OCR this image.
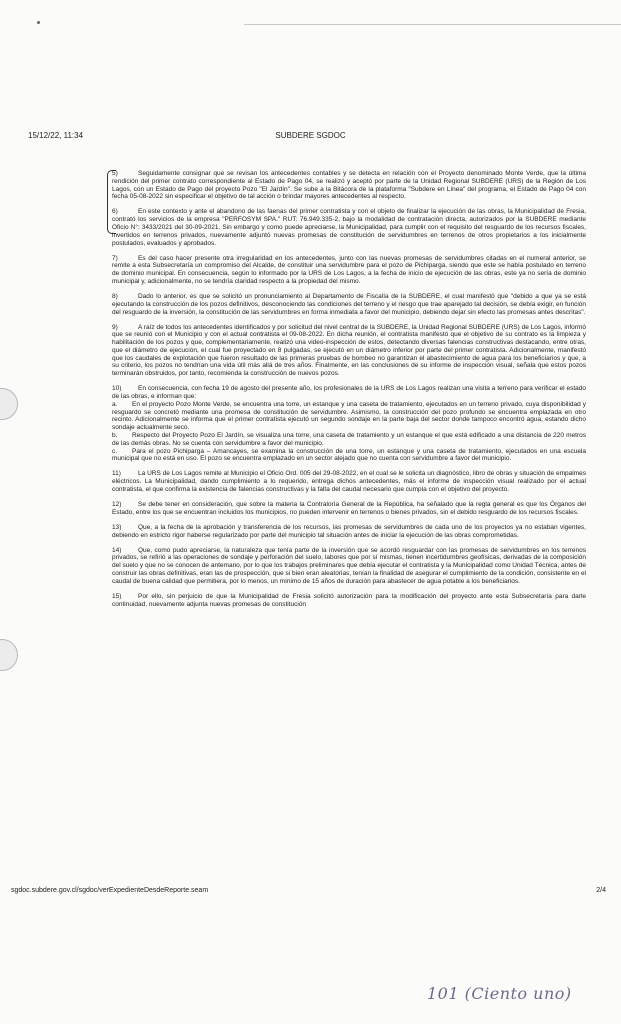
15/12/22, 11:34	SUBDERE SGDOC

5)	Seguidamente consignar que se revisan los antecedentes contables y se detecta en relación con el Proyecto denominado Monte Verde, que la última rendición del primer contrato correspondiente al Estado de Pago 04, se realizó y aceptó por parte de la Unidad Regional SUBDERE (URS) de la Región de Los Lagos, con un Estado de Pago del proyecto Pozo "El Jardín". Se sube a la Bitácora de la plataforma "Subdere en Línea" del programa, el Estado de Pago 04 con fecha 05-08-2022 sin especificar el objetivo de tal acción o brindar mayores antecedentes al respecto.

6)	En este contexto y ante el abandono de las faenas del primer contratista y con el objeto de finalizar la ejecución de las obras, la Municipalidad de Fresia, contrató los servicios de la empresa "PERFOSYM SPA." RUT: 76.949.335-2, bajo la modalidad de contratación directa, autorizados por la SUBDERE mediante Oficio N°: 3433/2021 del 30-09-2021. Sin embargo y como puede apreciarse, la Municipalidad, para cumplir con el requisito del resguardo de los recursos fiscales, invertidos en terrenos privados, nuevamente adjuntó nuevas promesas de constitución de servidumbres en terrenos de otros propietarios a los inicialmente postulados, evaluados y aprobados.

7)	Es del caso hacer presente otra irregularidad en los antecedentes, junto con las nuevas promesas de servidumbres citadas en el numeral anterior, se remite a esta Subsecretaría un compromiso del Alcalde, de constituir una servidumbre para el pozo de Pichiparga, siendo que este se había postulado en terreno de dominio municipal. En consecuencia, según lo informado por la URS de Los Lagos, a la fecha de inicio de ejecución de las obras, este ya no sería de dominio municipal y, adicionalmente, no se tendría claridad respecto a la propiedad del mismo.

8)	Dado lo anterior, es que se solicitó un pronunciamiento al Departamento de Fiscalía de la SUBDERE, el cual manifestó que "debido a que ya se está ejecutando la construcción de los pozos definitivos, desconociendo las condiciones del terreno y el riesgo que trae aparejado tal decisión, se debía exigir, en función del resguardo de la inversión, la constitución de las servidumbres en forma inmediata a favor del municipio, debiendo dejar sin efecto las promesas antes descritas".

9)	A raíz de todos los antecedentes identificados y por solicitud del nivel central de la SUBDERE, la Unidad Regional SUBDERE (URS) de Los Lagos, informó que se reunió con el Municipio y con el actual contratista el 09-08-2022. En dicha reunión, el contratista manifestó que el objetivo de su contrato es la limpieza y habilitación de los pozos y que, complementariamente, realizó una video-inspección de estos, detectando diversas falencias constructivas destacando, entre otras, que el diámetro de ejecución, el cual fue proyectado en 8 pulgadas, se ejecutó en un diámetro inferior por parte del primer contratista. Adicionalmente, manifestó que los caudales de explotación que fueron resultado de las primeras pruebas de bombeo no garantizan el abastecimiento de agua para los beneficiarios y que, a su criterio, los pozos no tendrían una vida útil más allá de tres años. Finalmente, en las conclusiones de su informe de inspección visual, señala que estos pozos terminarán obstruidos, por tanto, recomienda la construcción de nuevos pozos.

10)	En consecuencia, con fecha 19 de agosto del presente año, los profesionales de la URS de Los Lagos realizan una visita a terreno para verificar el estado de las obras, e informan que:
a. En el proyecto Pozo Monte Verde, se encuentra una torre, un estanque y una caseta de tratamiento, ejecutados en un terreno privado, cuya disponibilidad y resguardo se concretó mediante una promesa de constitución de servidumbre. Asimismo, la construcción del pozo profundo se encuentra emplazada en otro recinto. Adicionalmente se informa que el primer contratista ejecutó un segundo sondaje en la parte baja del sector donde tampoco encontró agua, estando dicho sondaje actualmente seco.
b. Respecto del Proyecto Pozo El Jardín, se visualiza una torre, una caseta de tratamiento y un estanque el que está edificado a una distancia de 220 metros de las demás obras. No se cuenta con servidumbre a favor del municipio.
c. Para el pozo Pichiparga – Amancayes, se examina la construcción de una torre, un estanque y una caseta de tratamiento, ejecutados en una escuela municipal que no está en uso. El pozo se encuentra emplazado en un sector alejado que no cuenta con servidumbre a favor del municipio.

11)	La URS de Los Lagos remite al Municipio el Oficio Ord. 005 del 29-08-2022, en el cual se le solicita un diagnóstico, libro de obras y situación de empalmes eléctricos. La Municipalidad, dando cumplimiento a lo requerido, entrega dichos antecedentes, más el informe de inspección visual realizado por el actual contratista, el que confirma la existencia de falencias constructivas y la falta del caudal necesario que cumpla con el objetivo del proyecto.

12)	Se debe tener en consideración, que sobre la materia la Contraloría General de la República, ha señalado que la regla general es que los Órganos del Estado, entre los que se encuentran incluidos los municipios, no pueden intervenir en terrenos o bienes privados, sin el debido resguardo de los recursos fiscales.

13)	Que, a la fecha de la aprobación y transferencia de los recursos, las promesas de servidumbres de cada uno de los proyectos ya no estaban vigentes, debiendo en estricto rigor haberse regularizado por parte del municipio tal situación antes de iniciar la ejecución de las obras comprometidas.

14)	Que, como pudo apreciarse, la naturaleza que tenía parte de la inversión que se acordó resguardar con las promesas de servidumbres en los terrenos privados, se refirió a las operaciones de sondaje y perforación del suelo, labores que por sí mismas, tienen incertidumbres geofísicas, derivadas de la composición del suelo y que no se conocen de antemano, por lo que los trabajos preliminares que debía ejecutar el contratista y la Municipalidad como Unidad Técnica, antes de construir las obras definitivas, eran las de prospección, que si bien eran aleatorias, tenían la finalidad de asegurar el cumplimiento de la condición, consistente en el caudal de buena calidad que permitiera, por lo menos, un mínimo de 15 años de duración para abastecer de agua potable a los beneficiarios.

15)	Por ello, sin perjuicio de que la Municipalidad de Fresia solicitó autorización para la modificación del proyecto ante esta Subsecretaría para darle continuidad, nuevamente adjunta nuevas promesas de constitución

sgdoc.subdere.gov.cl/sgdoc/verExpedienteDesdeReporte.seam	2/4
101 (Ciento uno)
